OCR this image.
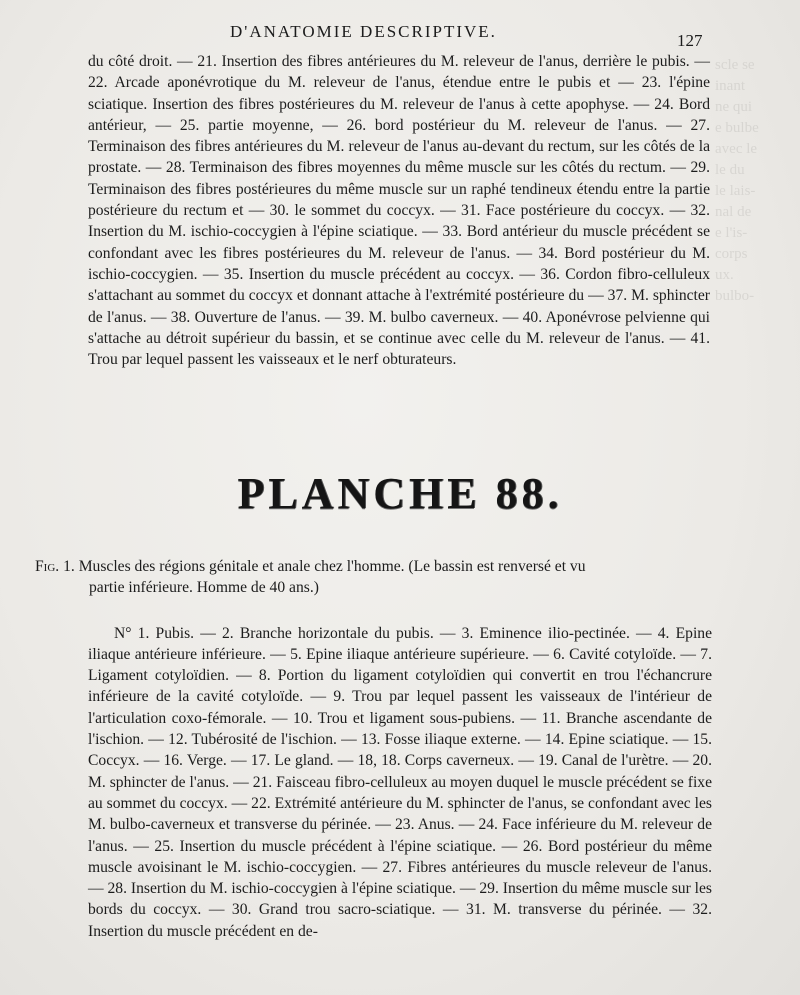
scle se
inant
ne qui
e bulbe
avec le
le du
le lais-
nal de
e l'is-
corps
ux.
bulbo-
D'ANATOMIE DESCRIPTIVE.	127

du côté droit. — 21. Insertion des fibres antérieures du M. releveur de l'anus, derrière le pubis. — 22. Arcade aponévrotique du M. releveur de l'anus, étendue entre le pubis et — 23. l'épine sciatique. Insertion des fibres postérieures du M. releveur de l'anus à cette apophyse. — 24. Bord antérieur, — 25. partie moyenne, — 26. bord postérieur du M. releveur de l'anus. — 27. Terminaison des fibres antérieures du M. releveur de l'anus au-devant du rectum, sur les côtés de la prostate. — 28. Terminaison des fibres moyennes du même muscle sur les côtés du rectum. — 29. Terminaison des fibres postérieures du même muscle sur un raphé tendineux étendu entre la partie postérieure du rectum et — 30. le sommet du coccyx. — 31. Face postérieure du coccyx. — 32. Insertion du M. ischio-coccygien à l'épine sciatique. — 33. Bord antérieur du muscle précédent se confondant avec les fibres postérieures du M. releveur de l'anus. — 34. Bord postérieur du M. ischio-coccygien. — 35. Insertion du muscle précédent au coccyx. — 36. Cordon fibro-celluleux s'attachant au sommet du coccyx et donnant attache à l'extrémité postérieure du — 37. M. sphincter de l'anus. — 38. Ouverture de l'anus. — 39. M. bulbo caverneux. — 40. Aponévrose pelvienne qui s'attache au détroit supérieur du bassin, et se continue avec celle du M. releveur de l'anus. — 41. Trou par lequel passent les vaisseaux et le nerf obturateurs.

PLANCHE 88.
Fig. 1. Muscles des régions génitale et anale chez l'homme. (Le bassin est renversé et vu
partie inférieure. Homme de 40 ans.)

N° 1. Pubis. — 2. Branche horizontale du pubis. — 3. Eminence ilio-pectinée. — 4. Epine iliaque antérieure inférieure. — 5. Epine iliaque antérieure supérieure. — 6. Cavité cotyloïde. — 7. Ligament cotyloïdien. — 8. Portion du ligament cotyloïdien qui convertit en trou l'échancrure inférieure de la cavité cotyloïde. — 9. Trou par lequel passent les vaisseaux de l'intérieur de l'articulation coxo-fémorale. — 10. Trou et ligament sous-pubiens. — 11. Branche ascendante de l'ischion. — 12. Tubérosité de l'ischion. — 13. Fosse iliaque externe. — 14. Epine sciatique. — 15. Coccyx. — 16. Verge. — 17. Le gland. — 18, 18. Corps caverneux. — 19. Canal de l'urètre. — 20. M. sphincter de l'anus. — 21. Faisceau fibro-celluleux au moyen duquel le muscle précédent se fixe au sommet du coccyx. — 22. Extrémité antérieure du M. sphincter de l'anus, se confondant avec les M. bulbo-caverneux et transverse du périnée. — 23. Anus. — 24. Face inférieure du M. releveur de l'anus. — 25. Insertion du muscle précédent à l'épine sciatique. — 26. Bord postérieur du même muscle avoisinant le M. ischio-coccygien. — 27. Fibres antérieures du muscle releveur de l'anus. — 28. Insertion du M. ischio-coccygien à l'épine sciatique. — 29. Insertion du même muscle sur les bords du coccyx. — 30. Grand trou sacro-sciatique. — 31. M. transverse du périnée. — 32. Insertion du muscle précédent en de-
